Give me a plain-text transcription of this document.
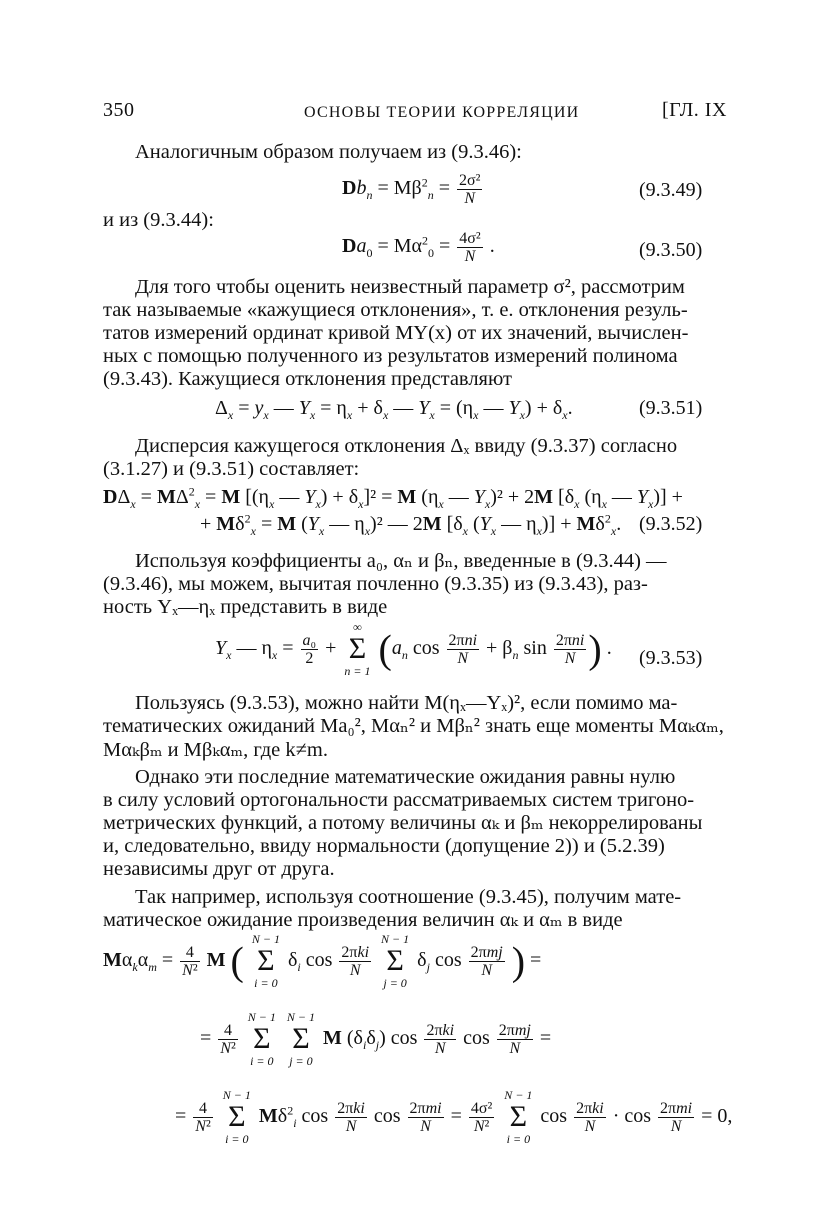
350	ОСНОВЫ ТЕОРИИ КОРРЕЛЯЦИИ	[ГЛ. IX
Аналогичным образом получаем из (9.3.46):
$Db_n = M\beta^2_n = \frac{\text{2σ²}}{N}$	(9.3.49)
и из (9.3.44):
$Da_0 = M\alpha^2_0 = \frac{\text{4σ²}}{N}$ .	(9.3.50)
Для того чтобы оценить неизвестный параметр σ², рассмотрим
так называемые «кажущиеся отклонения», т. е. отклонения резуль-
татов измерений ординат кривой MY(x) от их значений, вычислен-
ных с помощью полученного из результатов измерений полинома
(9.3.43). Кажущиеся отклонения представляют
$\Delta_x = y_x$ — $Y_x = \eta_x + \delta_x$ — $Y_x = (\eta_x$ — $Y_x) + \delta_x$.	(9.3.51)
Дисперсия кажущегося отклонения Δₓ ввиду (9.3.37) согласно
(3.1.27) и (9.3.51) составляет:
$D\Delta_x = M\Delta^2_x = M$ [($\eta_x$ — $Y_x) + \delta_x]^2 = M$ ($\eta_x$ — $Y_x)^2 + 2M$ [$\delta_x$ ($\eta_x$ — $Y_x$)] +
+ $M\delta^2_x = M$ ($Y_x$ — $\eta_x)^2$ — 2M [$\delta_x$ ($Y_x$ — $\eta_x)] + M\delta^2_x$. (9.3.52)
Используя коэффициенты a₀, αₙ и βₙ, введенные в (9.3.44) —
(9.3.46), мы можем, вычитая почленно (9.3.35) из (9.3.43), раз-
ность Yₓ—ηₓ представить в виде
$Y_x$ — $\eta_x = \frac{\text{a₀}}{2}$ +
∞
Σ
n = 1 ($a_n$ $\cos \frac{\text{2πni}}{N} + \beta_n$ $\sin \frac{\text{2πni}}{N}$ ) . (9.3.53)
Пользуясь (9.3.53), можно найти M(ηₓ—Yₓ)², если помимо ма-
тематических ожиданий Ma₀², Mαₙ² и Mβₙ² знать еще моменты Mαₖαₘ,
Mαₖβₘ и Mβₖαₘ, где k≠m.
Однако эти последние математические ожидания равны нулю
в силу условий ортогональности рассматриваемых систем тригоно-
метрических функций, а потому величины αₖ и βₘ некоррелированы
и, следовательно, ввиду нормальности (допущение 2)) и (5.2.39)
независимы друг от друга.
Так например, используя соотношение (9.3.45), получим мате-
матическое ожидание произведения величин αₖ и αₘ в виде
$M\alpha_k\alpha_m = \frac{4}{\text{N²}}$ M ( N − 1
Σ
i = 0
$\delta_i$ $\cos \frac{\text{2πki}}{N}$

N − 1
Σ
j = 0
$\delta_j$ $\cos \frac{\text{2πmj}}{N}$ ) =
= $\frac{4}{\text{N²}}$

N − 1
Σ
i = 0

N − 1
Σ
j = 0
M $(\delta_i\delta_j)$ $\cos \frac{\text{2πki}}{N}$ $\cos \frac{\text{2πmj}}{N}$ =
= $\frac{4}{\text{N²}}$

N − 1
Σ
i = 0
$M\delta^2_i$ $\cos \frac{\text{2πki}}{N}$ $\cos \frac{\text{2πmi}}{N} = \frac{\text{4σ²}}{\text{N²}}$

N − 1
Σ
i = 0
$\cos \frac{\text{2πki}}{N} \cdot \cos \frac{\text{2πmi}}{N} = 0$,
